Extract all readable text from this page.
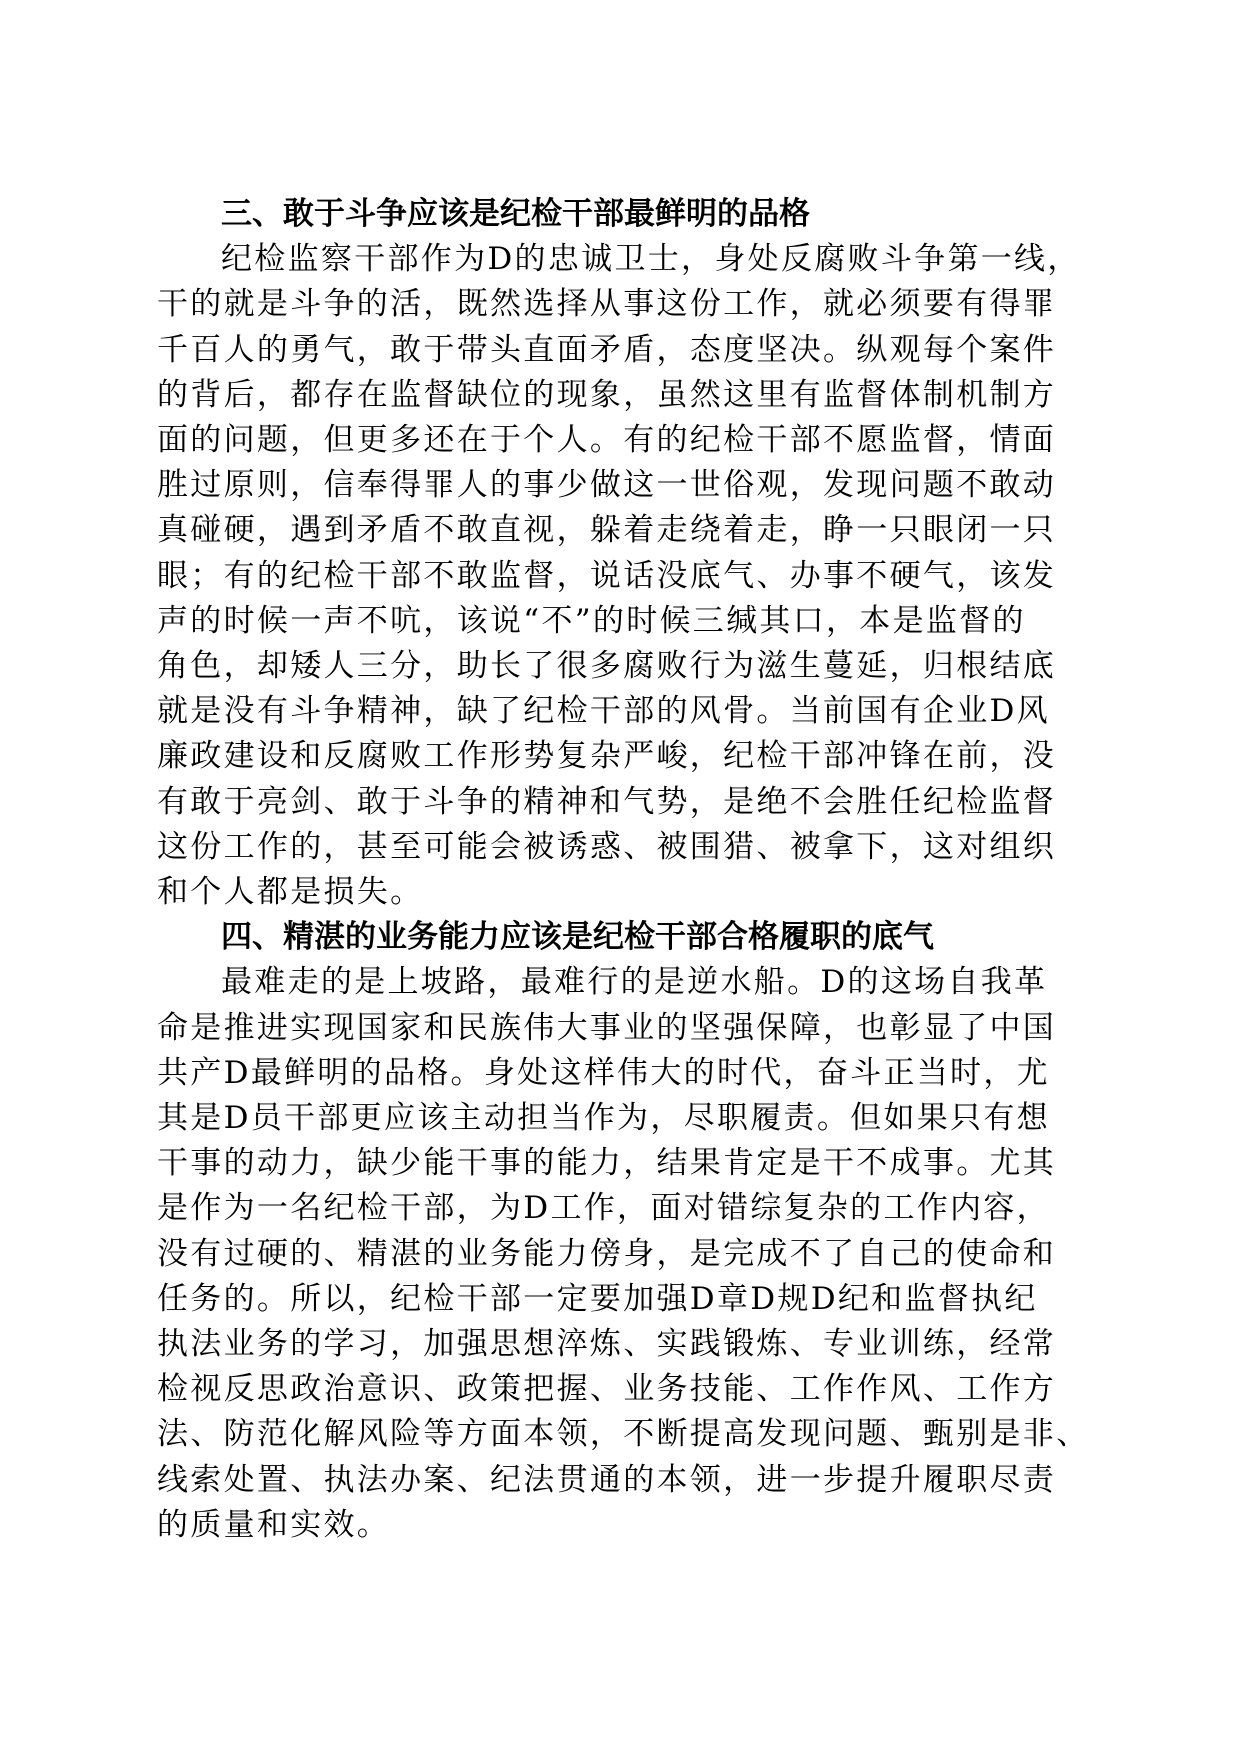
三、敢于斗争应该是纪检干部最鲜明的品格
纪检监察干部作为D的忠诚卫士，身处反腐败斗争第一线，
干的就是斗争的活，既然选择从事这份工作，就必须要有得罪
千百人的勇气，敢于带头直面矛盾，态度坚决。纵观每个案件
的背后，都存在监督缺位的现象，虽然这里有监督体制机制方
面的问题，但更多还在于个人。有的纪检干部不愿监督，情面
胜过原则，信奉得罪人的事少做这一世俗观，发现问题不敢动
真碰硬，遇到矛盾不敢直视，躲着走绕着走，睁一只眼闭一只
眼；有的纪检干部不敢监督，说话没底气、办事不硬气，该发
声的时候一声不吭，该说“不”的时候三缄其口，本是监督的
角色，却矮人三分，助长了很多腐败行为滋生蔓延，归根结底
就是没有斗争精神，缺了纪检干部的风骨。当前国有企业D风
廉政建设和反腐败工作形势复杂严峻，纪检干部冲锋在前，没
有敢于亮剑、敢于斗争的精神和气势，是绝不会胜任纪检监督
这份工作的，甚至可能会被诱惑、被围猎、被拿下，这对组织
和个人都是损失。
四、精湛的业务能力应该是纪检干部合格履职的底气
最难走的是上坡路，最难行的是逆水船。D的这场自我革
命是推进实现国家和民族伟大事业的坚强保障，也彰显了中国
共产D最鲜明的品格。身处这样伟大的时代，奋斗正当时，尤
其是D员干部更应该主动担当作为，尽职履责。但如果只有想
干事的动力，缺少能干事的能力，结果肯定是干不成事。尤其
是作为一名纪检干部，为D工作，面对错综复杂的工作内容，
没有过硬的、精湛的业务能力傍身，是完成不了自己的使命和
任务的。所以，纪检干部一定要加强D章D规D纪和监督执纪
执法业务的学习，加强思想淬炼、实践锻炼、专业训练，经常
检视反思政治意识、政策把握、业务技能、工作作风、工作方
法、防范化解风险等方面本领，不断提高发现问题、甄别是非、
线索处置、执法办案、纪法贯通的本领，进一步提升履职尽责
的质量和实效。
